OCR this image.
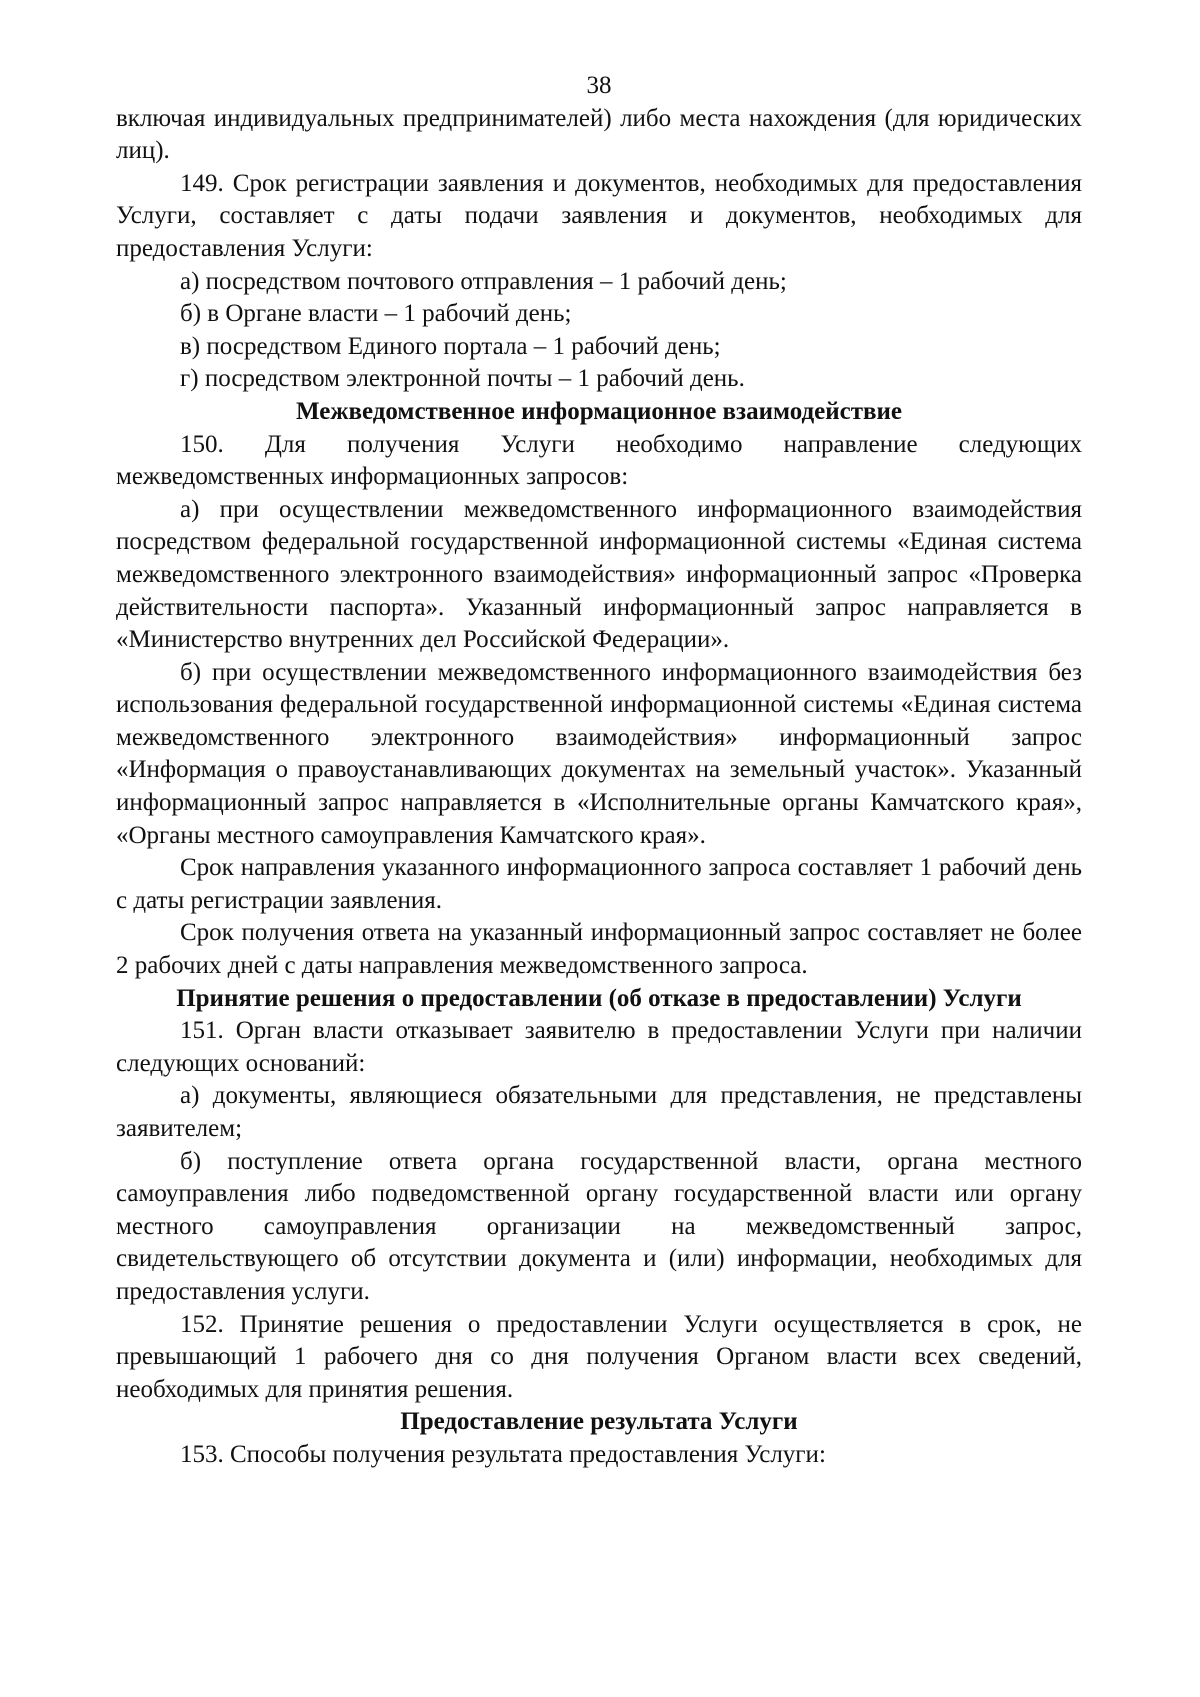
38

включая индивидуальных предпринимателей) либо места нахождения (для юридических лиц).

149. Срок регистрации заявления и документов, необходимых для предоставления Услуги, составляет с даты подачи заявления и документов, необходимых для предоставления Услуги:

а) посредством почтового отправления – 1 рабочий день;

б) в Органе власти – 1 рабочий день;

в) посредством Единого портала – 1 рабочий день;

г) посредством электронной почты – 1 рабочий день.

Межведомственное информационное взаимодействие

150. Для получения Услуги необходимо направление следующих межведомственных информационных запросов:

а) при осуществлении межведомственного информационного взаимодействия посредством федеральной государственной информационной системы «Единая система межведомственного электронного взаимодействия» информационный запрос «Проверка действительности паспорта». Указанный информационный запрос направляется в «Министерство внутренних дел Российской Федерации».

б) при осуществлении межведомственного информационного взаимодействия без использования федеральной государственной информационной системы «Единая система межведомственного электронного взаимодействия» информационный запрос «Информация о правоустанавливающих документах на земельный участок». Указанный информационный запрос направляется в «Исполнительные органы Камчатского края», «Органы местного самоуправления Камчатского края».

Срок направления указанного информационного запроса составляет 1 рабочий день с даты регистрации заявления.

Срок получения ответа на указанный информационный запрос составляет не более 2 рабочих дней с даты направления межведомственного запроса.

Принятие решения о предоставлении (об отказе в предоставлении) Услуги

151. Орган власти отказывает заявителю в предоставлении Услуги при наличии следующих оснований:

а) документы, являющиеся обязательными для представления, не представлены заявителем;

б) поступление ответа органа государственной власти, органа местного самоуправления либо подведомственной органу государственной власти или органу местного самоуправления организации на межведомственный запрос, свидетельствующего об отсутствии документа и (или) информации, необходимых для предоставления услуги.

152. Принятие решения о предоставлении Услуги осуществляется в срок, не превышающий 1 рабочего дня со дня получения Органом власти всех сведений, необходимых для принятия решения.

Предоставление результата Услуги

153. Способы получения результата предоставления Услуги:
